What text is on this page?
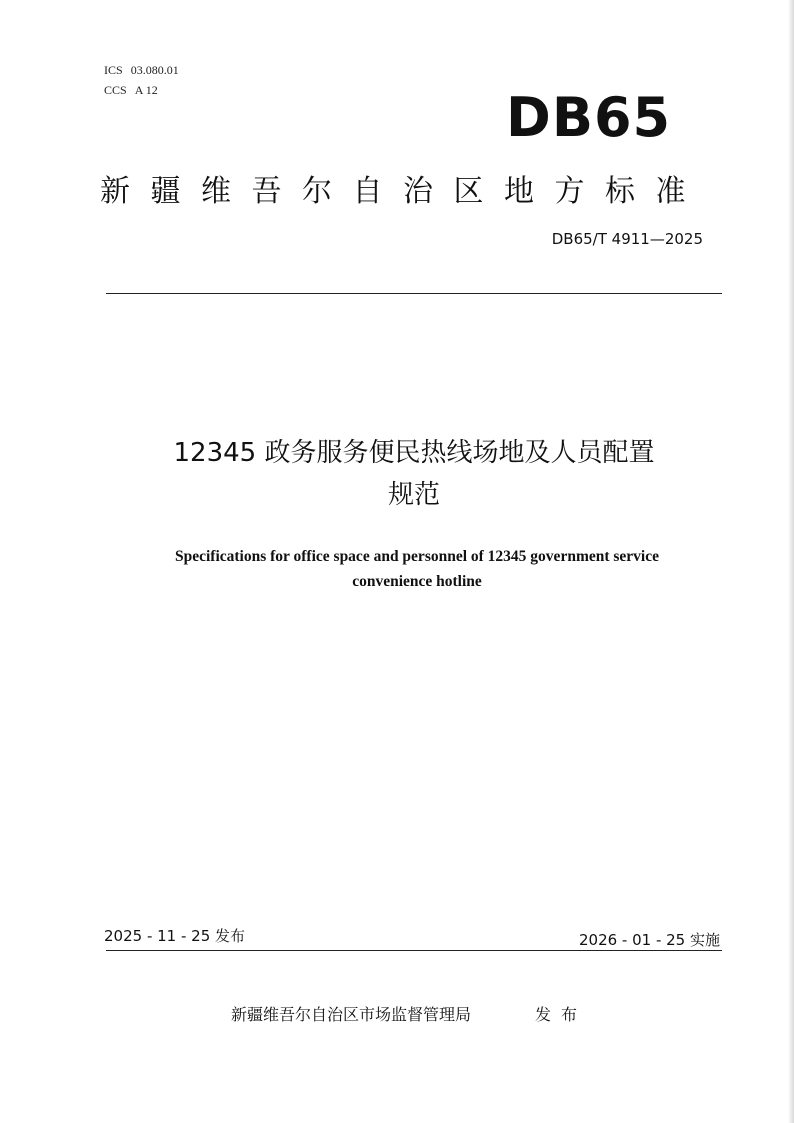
ICS 03.080.01
CCS A 12	DB65
新疆维吾尔自治区地方标准
DB65/T 4911—2025
12345 政务服务便民热线场地及人员配置
规范
Specifications for office space and personnel of 12345 government service
convenience hotline
2025 - 11 - 25 发布	2026 - 01 - 25 实施
新疆维吾尔自治区市场监督管理局	发布
